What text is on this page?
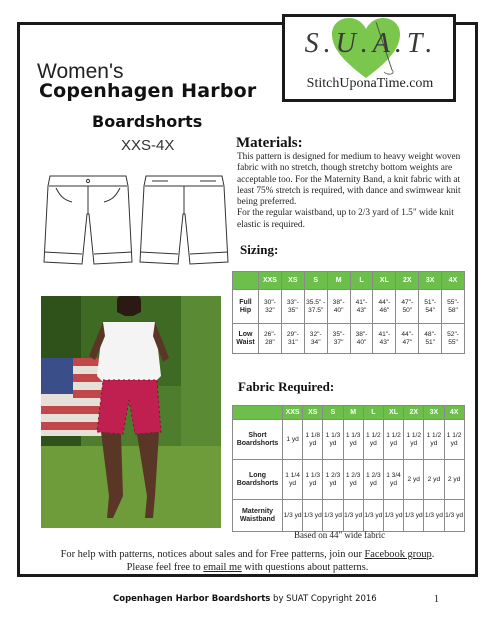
S.U.A.T.
StitchUponaTime.com
Women's
Copenhagen Harbor
Boardshorts
XXS-4X	Materials:

This pattern is designed for medium to heavy weight woven fabric with no stretch, though stretchy bottom weights are acceptable too. For the Maternity Band, a knit fabric with at least 75% stretch is required, with dance and swimwear knit being preferred.

For the regular waistband, up to 2/3 yard of 1.5" wide knit elastic is required.

Sizing:
	XXS	XS	S	M	L	XL	2X	3X	4X
Full Hip	30"- 32"	33"- 35"	35.5" - 37.5"	38"- 40"	41"- 43"	44"- 46"	47"- 50"	51"- 54"	55"- 58"
Low Waist	26"- 28"	29"- 31"	32"- 34"	35"- 37"	38"- 40"	41"- 43"	44"- 47"	48"- 51"	52"- 55"
Fabric Required:
	XXS	XS	S	M	L	XL	2X	3X	4X
Short Boardshorts	1 yd	1 1/8 yd	1 1/3 yd	1 1/3 yd	1 1/2 yd	1 1/2 yd	1 1/2 yd	1 1/2 yd	1 1/2 yd
Long Boardshorts	1 1/4 yd	1 1/3 yd	1 2/3 yd	1 2/3 yd	1 2/3 yd	1 3/4 yd	2 yd	2 yd	2 yd
Maternity Waistband	1/3 yd	1/3 yd	1/3 yd	1/3 yd	1/3 yd	1/3 yd	1/3 yd	1/3 yd	1/3 yd
Based on 44" wide fabric
For help with patterns, notices about sales and for Free patterns, join our Facebook group.
Please feel free to email me with questions about patterns.
Copenhagen Harbor Boardshorts by SUAT Copyright 2016	1
